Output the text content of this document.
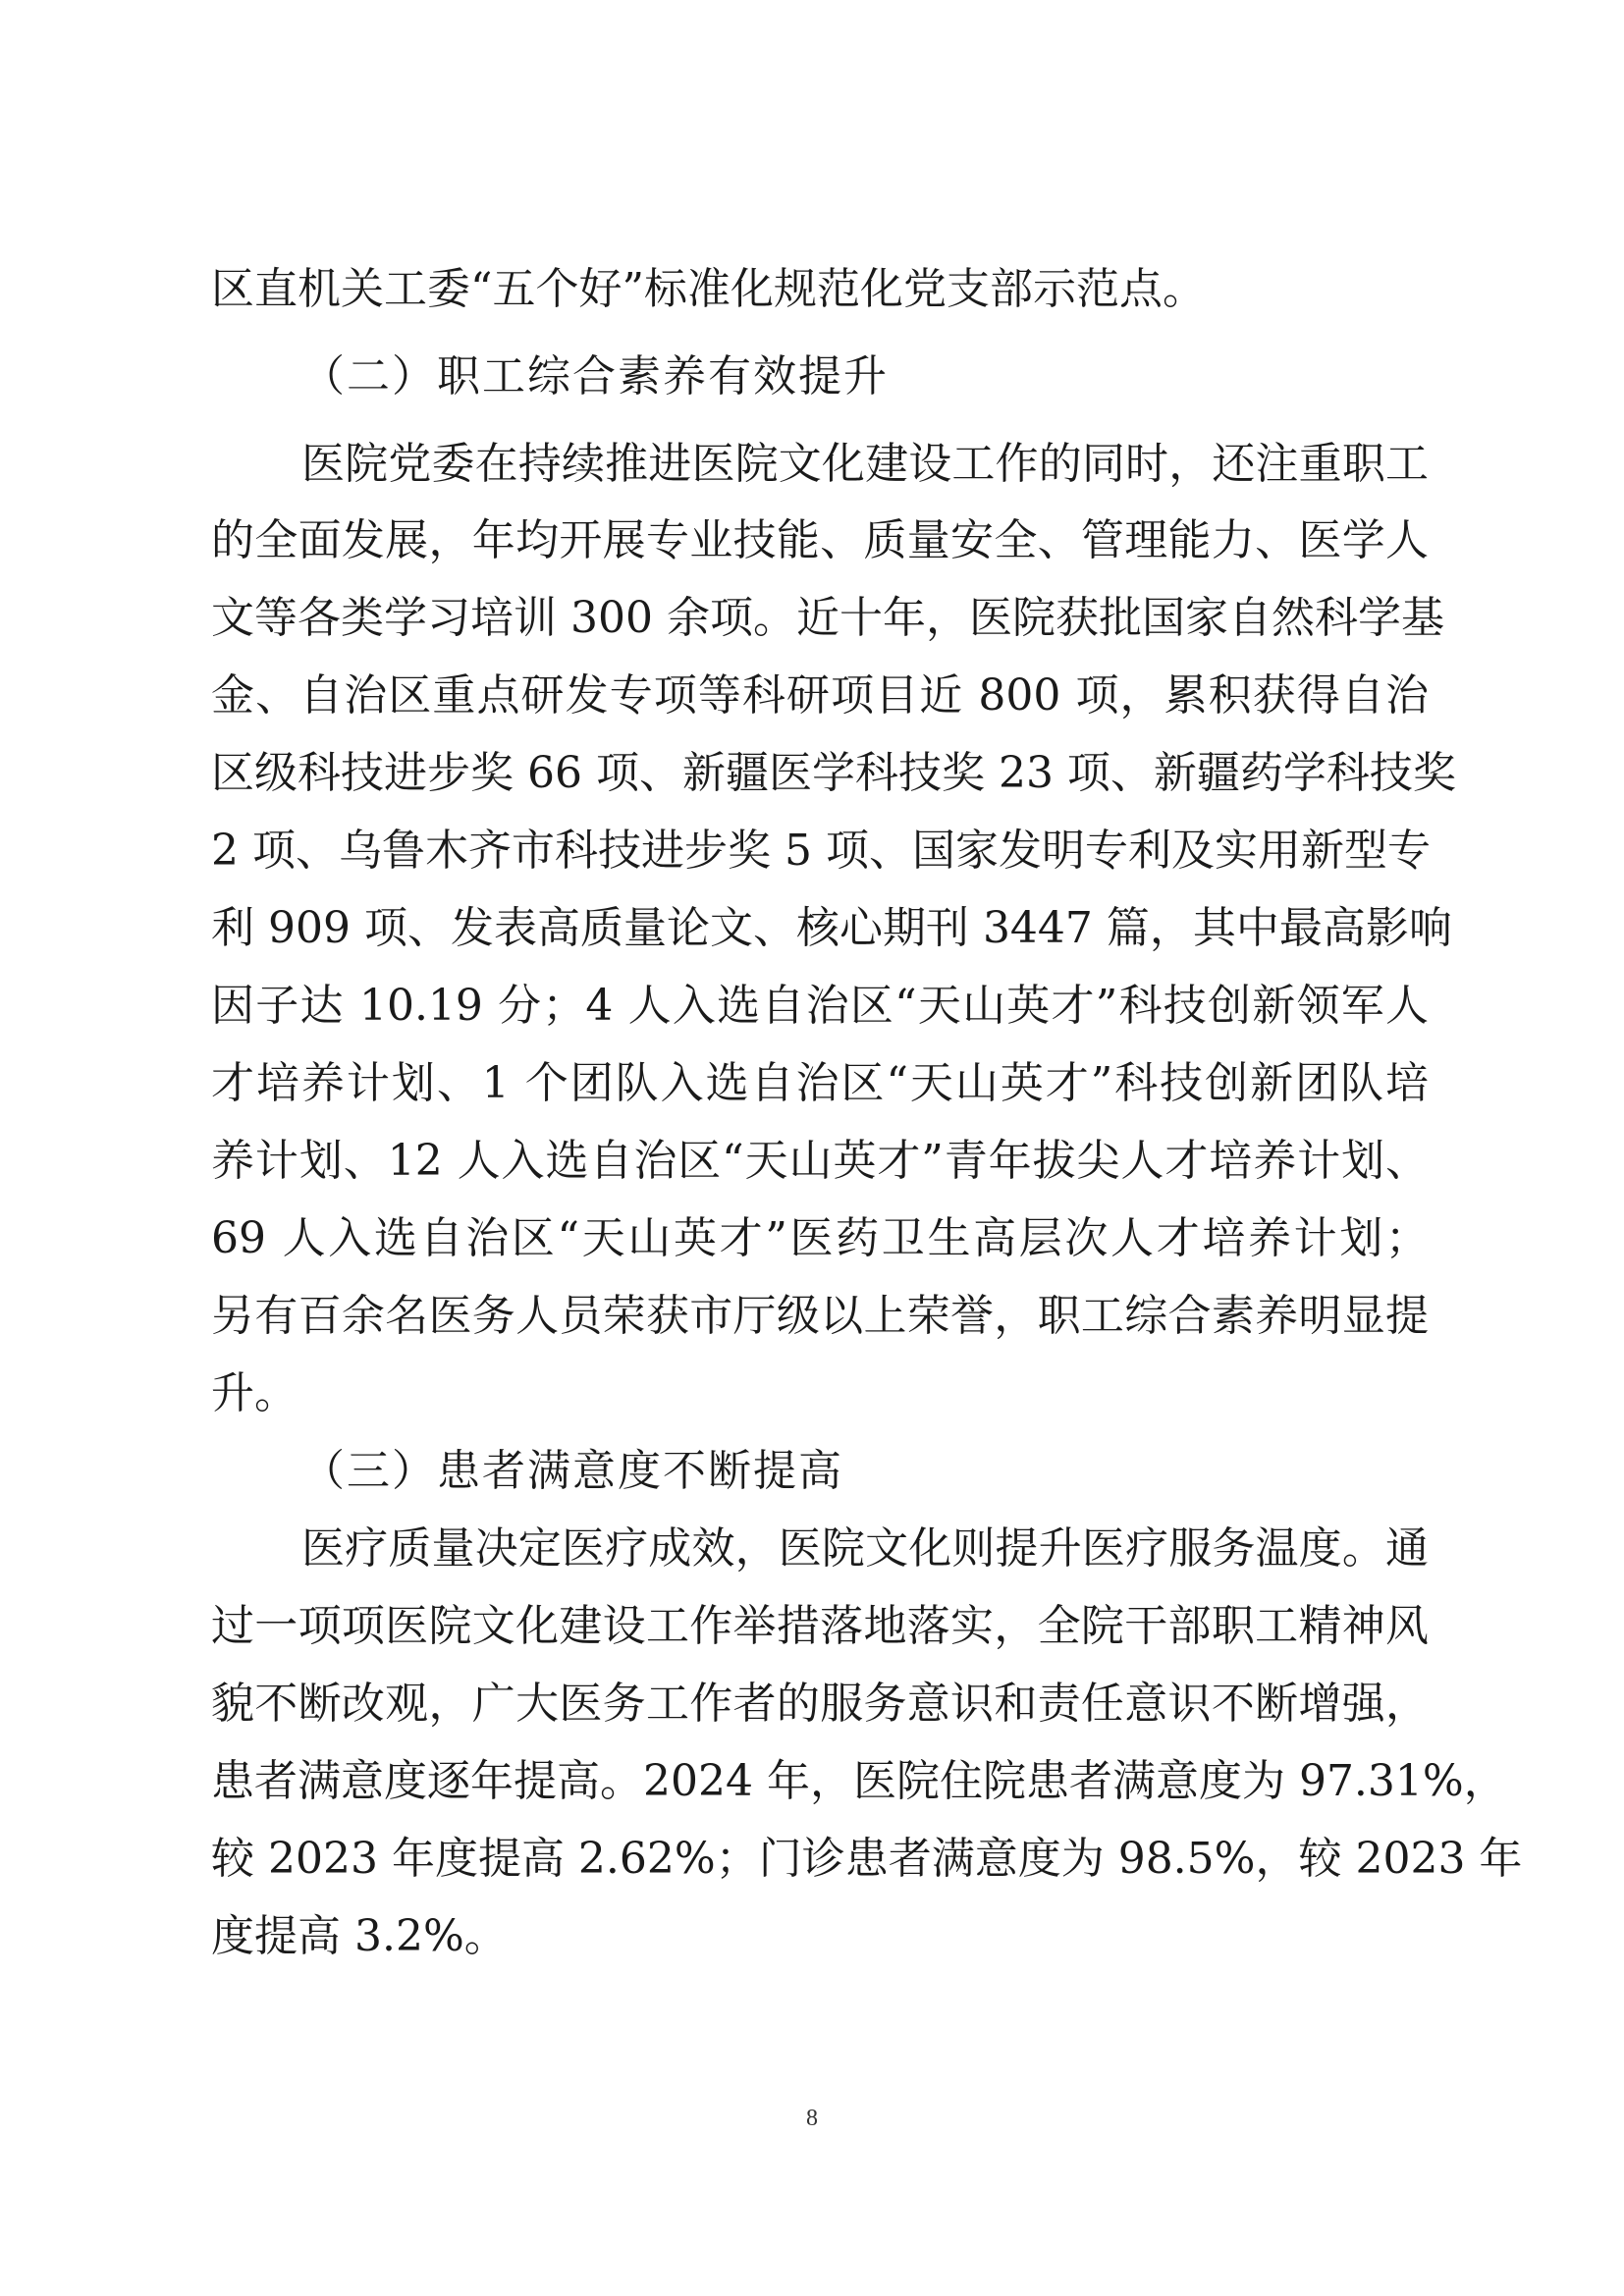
区直机关工委“五个好”标准化规范化党支部示范点。
（二）职工综合素养有效提升
医院党委在持续推进医院文化建设工作的同时，还注重职工
的全面发展，年均开展专业技能、质量安全、管理能力、医学人
文等各类学习培训 300 余项。近十年，医院获批国家自然科学基
金、自治区重点研发专项等科研项目近 800 项，累积获得自治
区级科技进步奖 66 项、新疆医学科技奖 23 项、新疆药学科技奖
2 项、乌鲁木齐市科技进步奖 5 项、国家发明专利及实用新型专
利 909 项、发表高质量论文、核心期刊 3447 篇，其中最高影响
因子达 10.19 分；4 人入选自治区“天山英才”科技创新领军人
才培养计划、1 个团队入选自治区“天山英才”科技创新团队培
养计划、12 人入选自治区“天山英才”青年拔尖人才培养计划、
69 人入选自治区“天山英才”医药卫生高层次人才培养计划；
另有百余名医务人员荣获市厅级以上荣誉，职工综合素养明显提
升。
（三）患者满意度不断提高
医疗质量决定医疗成效，医院文化则提升医疗服务温度。通
过一项项医院文化建设工作举措落地落实，全院干部职工精神风
貌不断改观，广大医务工作者的服务意识和责任意识不断增强，
患者满意度逐年提高。2024 年，医院住院患者满意度为 97.31%，
较 2023 年度提高 2.62%；门诊患者满意度为 98.5%，较 2023 年
度提高 3.2%。
8
